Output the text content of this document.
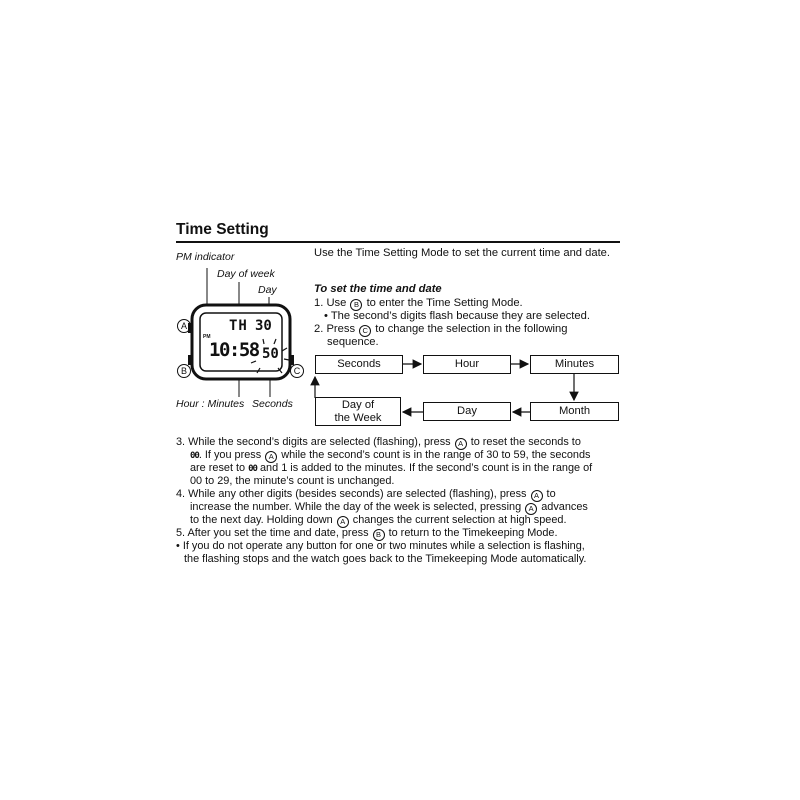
Time Setting
PM indicator
Day of week
Day
Hour : Minutes Seconds
TH 30
PM
10:58 50
A
B	C
Use the Time Setting Mode to set the current time and date.
To set the time and date
1. Use B to enter the Time Setting Mode.
• The second’s digits flash because they are selected.
2. Press C to change the selection in the following
sequence.
Seconds	Hour	Minutes
Day of
the Week
Day	Month
3. While the second’s digits are selected (flashing), press A to reset the seconds to
00. If you press A while the second’s count is in the range of 30 to 59, the seconds
are reset to 00 and 1 is added to the minutes. If the second’s count is in the range of
00 to 29, the minute’s count is unchanged.
4. While any other digits (besides seconds) are selected (flashing), press A to
increase the number. While the day of the week is selected, pressing A advances
to the next day. Holding down A changes the current selection at high speed.
5. After you set the time and date, press B to return to the Timekeeping Mode.
• If you do not operate any button for one or two minutes while a selection is flashing,
the flashing stops and the watch goes back to the Timekeeping Mode automatically.
